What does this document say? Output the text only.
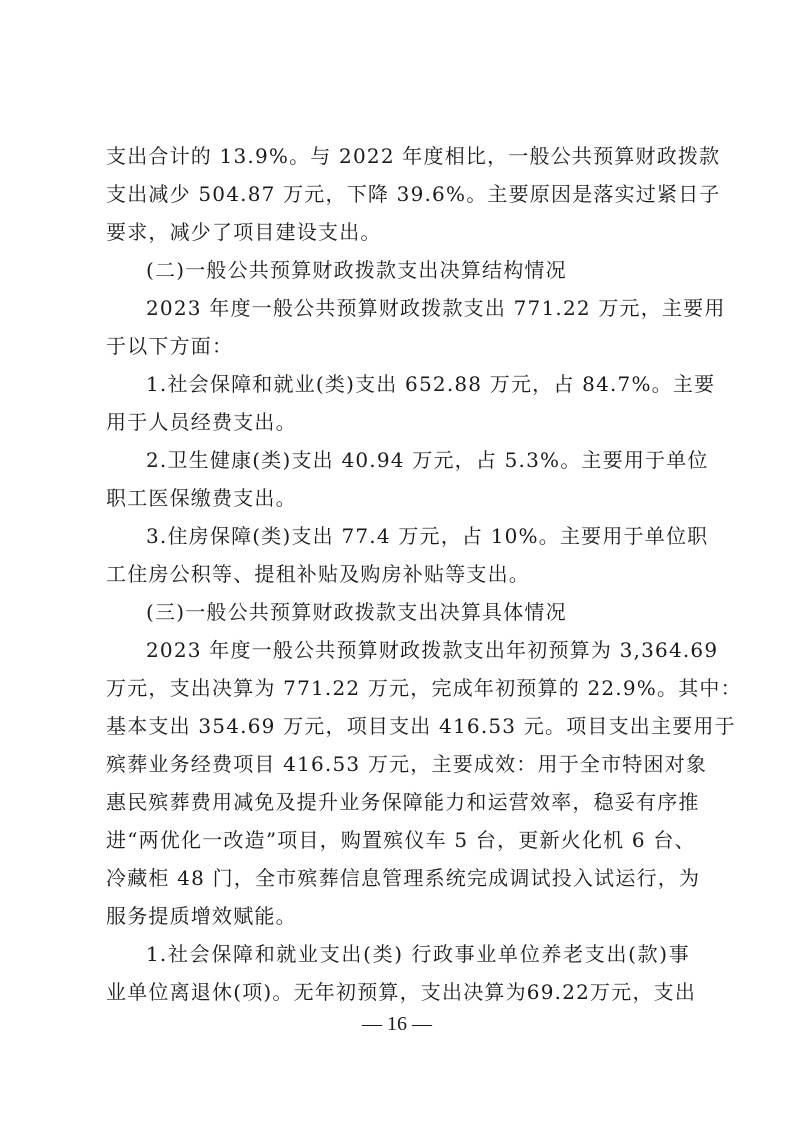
支出合计的 13.9%。与 2022 年度相比，一般公共预算财政拨款
支出减少 504.87 万元，下降 39.6%。主要原因是落实过紧日子
要求，减少了项目建设支出。
(二)一般公共预算财政拨款支出决算结构情况
2023 年度一般公共预算财政拨款支出 771.22 万元，主要用
于以下方面：
1.社会保障和就业(类)支出 652.88 万元，占 84.7%。主要
用于人员经费支出。
2.卫生健康(类)支出 40.94 万元，占 5.3%。主要用于单位
职工医保缴费支出。
3.住房保障(类)支出 77.4 万元，占 10%。主要用于单位职
工住房公积等、提租补贴及购房补贴等支出。
(三)一般公共预算财政拨款支出决算具体情况
2023 年度一般公共预算财政拨款支出年初预算为 3,364.69
万元，支出决算为 771.22 万元，完成年初预算的 22.9%。其中：
基本支出 354.69 万元，项目支出 416.53 元。项目支出主要用于
殡葬业务经费项目 416.53 万元，主要成效：用于全市特困对象
惠民殡葬费用减免及提升业务保障能力和运营效率，稳妥有序推
进“两优化一改造”项目，购置殡仪车 5 台，更新火化机 6 台、
冷藏柜 48 门，全市殡葬信息管理系统完成调试投入试运行，为
服务提质增效赋能。
1.社会保障和就业支出(类) 行政事业单位养老支出(款)事
业单位离退休(项)。无年初预算，支出决算为69.22万元，支出
— 16 —
